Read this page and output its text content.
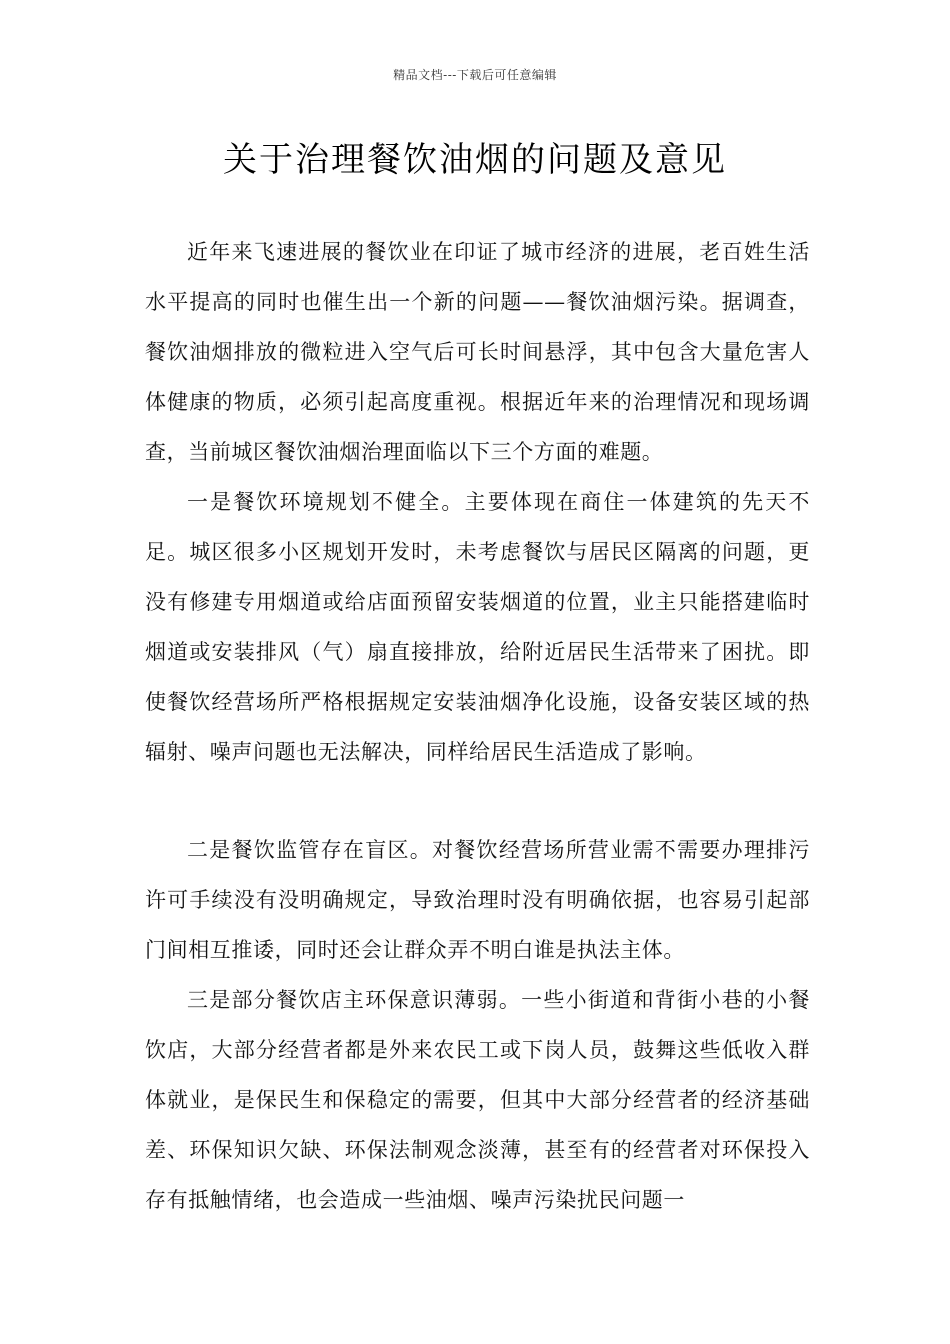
精品文档---下载后可任意编辑
关于治理餐饮油烟的问题及意见

近年来飞速进展的餐饮业在印证了城市经济的进展，老百姓生活水平提高的同时也催生出一个新的问题——餐饮油烟污染。据调查，餐饮油烟排放的微粒进入空气后可长时间悬浮，其中包含大量危害人体健康的物质，必须引起高度重视。根据近年来的治理情况和现场调查，当前城区餐饮油烟治理面临以下三个方面的难题。

一是餐饮环境规划不健全。主要体现在商住一体建筑的先天不足。城区很多小区规划开发时，未考虑餐饮与居民区隔离的问题，更没有修建专用烟道或给店面预留安装烟道的位置，业主只能搭建临时烟道或安装排风（气）扇直接排放，给附近居民生活带来了困扰。即使餐饮经营场所严格根据规定安装油烟净化设施，设备安装区域的热辐射、噪声问题也无法解决，同样给居民生活造成了影响。

二是餐饮监管存在盲区。对餐饮经营场所营业需不需要办理排污许可手续没有没明确规定，导致治理时没有明确依据，也容易引起部门间相互推诿，同时还会让群众弄不明白谁是执法主体。

三是部分餐饮店主环保意识薄弱。一些小街道和背街小巷的小餐饮店，大部分经营者都是外来农民工或下岗人员，鼓舞这些低收入群体就业，是保民生和保稳定的需要，但其中大部分经营者的经济基础差、环保知识欠缺、环保法制观念淡薄，甚至有的经营者对环保投入存有抵触情绪，也会造成一些油烟、噪声污染扰民问题一
